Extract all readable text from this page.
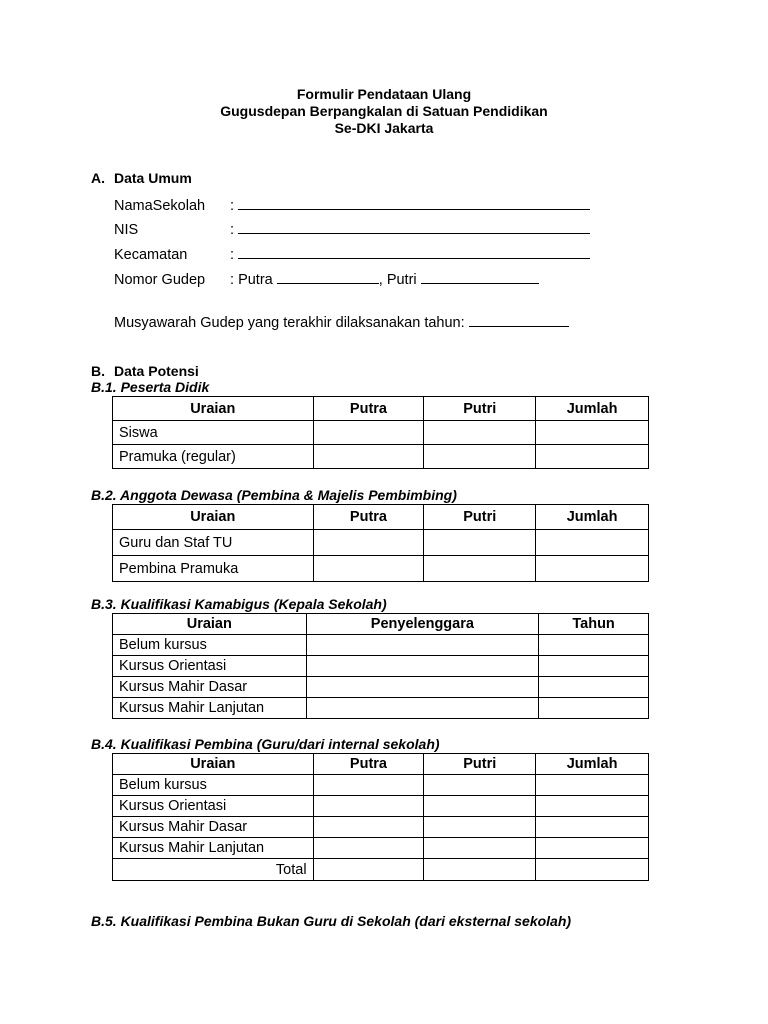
Formulir Pendataan Ulang
Gugusdepan Berpangkalan di Satuan Pendidikan
Se-DKI Jakarta
A. Data Umum
NamaSekolah :
NIS	:
Kecamatan	:
Nomor Gudep : Putra	, Putri
Musyawarah Gudep yang terakhir dilaksanakan tahun:
B. Data Potensi
B.1. Peserta Didik
Uraian	Putra	Putri	Jumlah
Siswa			
Pramuka (regular)			
B.2. Anggota Dewasa (Pembina & Majelis Pembimbing)
Uraian	Putra	Putri	Jumlah
Guru dan Staf TU			
Pembina Pramuka			
B.3. Kualifikasi Kamabigus (Kepala Sekolah)
Uraian	Penyelenggara	Tahun
Belum kursus		
Kursus Orientasi		
Kursus Mahir Dasar		
Kursus Mahir Lanjutan		
B.4. Kualifikasi Pembina (Guru/dari internal sekolah)
Uraian	Putra	Putri	Jumlah
Belum kursus			
Kursus Orientasi			
Kursus Mahir Dasar			
Kursus Mahir Lanjutan			
Total			
B.5. Kualifikasi Pembina Bukan Guru di Sekolah (dari eksternal sekolah)
